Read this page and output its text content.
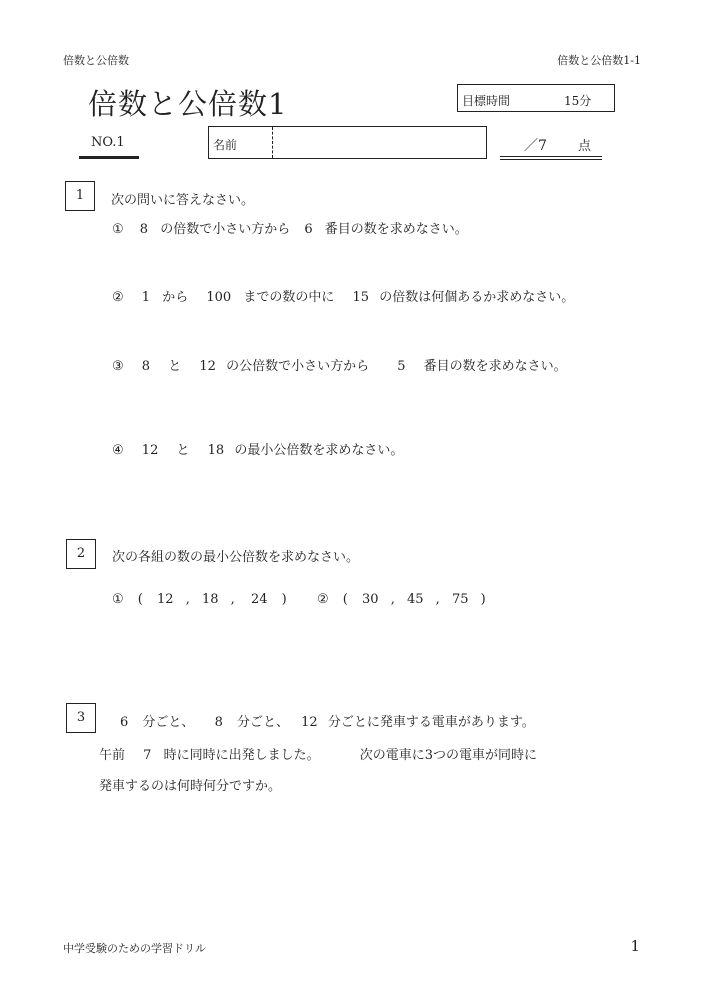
倍数と公倍数	倍数と公倍数1-1
倍数と公倍数1	目標時間	15分
NO.1	名前	／7 点
1	次の問いに答えなさい。
① 8 の倍数で小さい方から 6 番目の数を求めなさい。
② 1 から 100 までの数の中に 15 の倍数は何個あるか求めなさい。
③ 8 と 12 の公倍数で小さい方から 5 番目の数を求めなさい。
④ 12 と 18 の最小公倍数を求めなさい。
2	次の各組の数の最小公倍数を求めなさい。
① ( 12 , 18 , 24 ) ② ( 30 , 45 , 75 )
3	6 分ごと、 8 分ごと、 12 分ごとに発車する電車があります。
午前 7 時に同時に出発しました。	次の電車に3つの電車が同時に
発車するのは何時何分ですか。
中学受験のための学習ドリル	1
